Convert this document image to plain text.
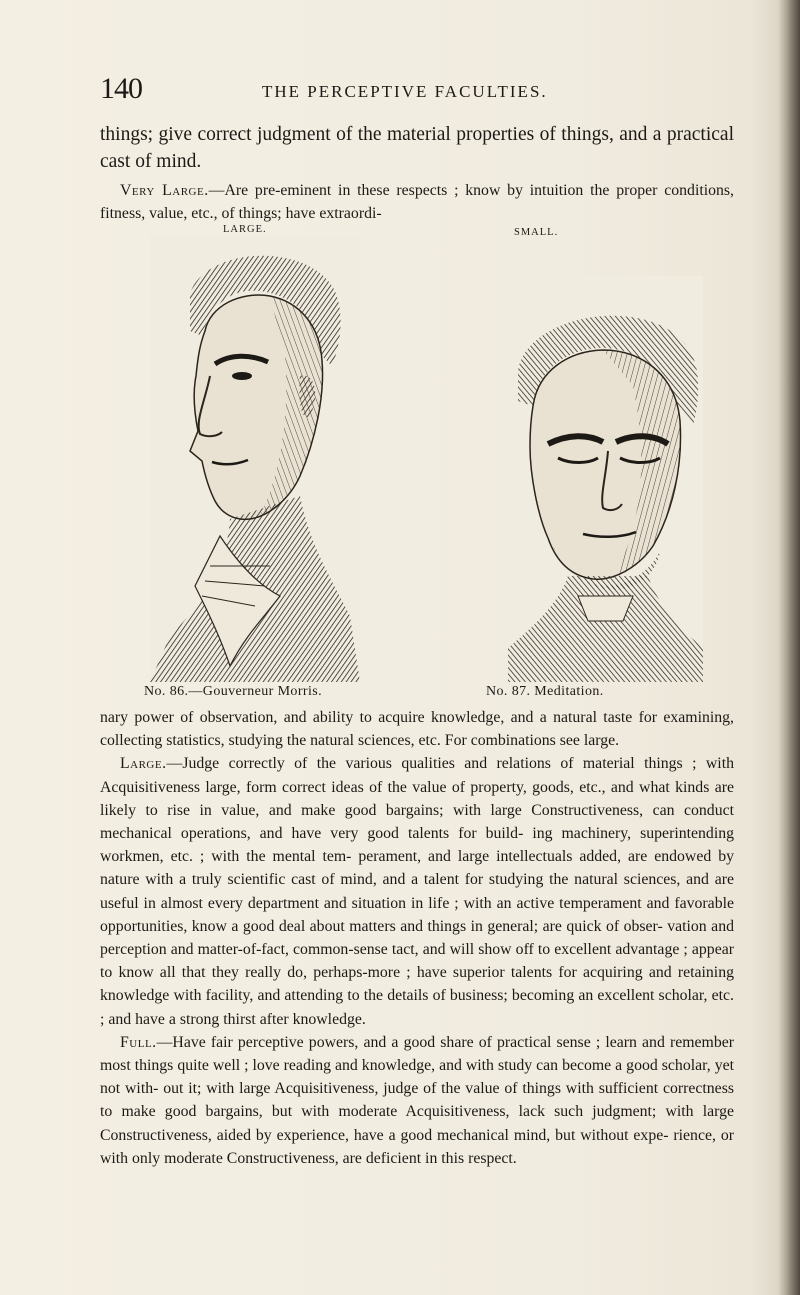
140	THE PERCEPTIVE FACULTIES.
things; give correct judgment of the material properties of things, and a practical cast of mind.
Very Large.—Are pre-eminent in these respects ; know by intuition the proper conditions, fitness, value, etc., of things; have extraordi-
LARGE.	SMALL.
No. 86.—Gouverneur Morris.	No. 87. Meditation.

nary power of observation, and ability to acquire knowledge, and a natural taste for examining, collecting statistics, studying the natural sciences, etc. For combinations see large.

Large.—Judge correctly of the various qualities and relations of material things ; with Acquisitiveness large, form correct ideas of the value of property, goods, etc., and what kinds are likely to rise in value, and make good bargains; with large Constructiveness, can conduct mechanical operations, and have very good talents for build- ing machinery, superintending workmen, etc. ; with the mental tem- perament, and large intellectuals added, are endowed by nature with a truly scientific cast of mind, and a talent for studying the natural sciences, and are useful in almost every department and situation in life ; with an active temperament and favorable opportunities, know a good deal about matters and things in general; are quick of obser- vation and perception and matter-of-fact, common-sense tact, and will show off to excellent advantage ; appear to know all that they really do, perhaps-more ; have superior talents for acquiring and retaining knowledge with facility, and attending to the details of business; becoming an excellent scholar, etc. ; and have a strong thirst after knowledge.

Full.—Have fair perceptive powers, and a good share of practical sense ; learn and remember most things quite well ; love reading and knowledge, and with study can become a good scholar, yet not with- out it; with large Acquisitiveness, judge of the value of things with sufficient correctness to make good bargains, but with moderate Acquisitiveness, lack such judgment; with large Constructiveness, aided by experience, have a good mechanical mind, but without expe- rience, or with only moderate Constructiveness, are deficient in this respect.
